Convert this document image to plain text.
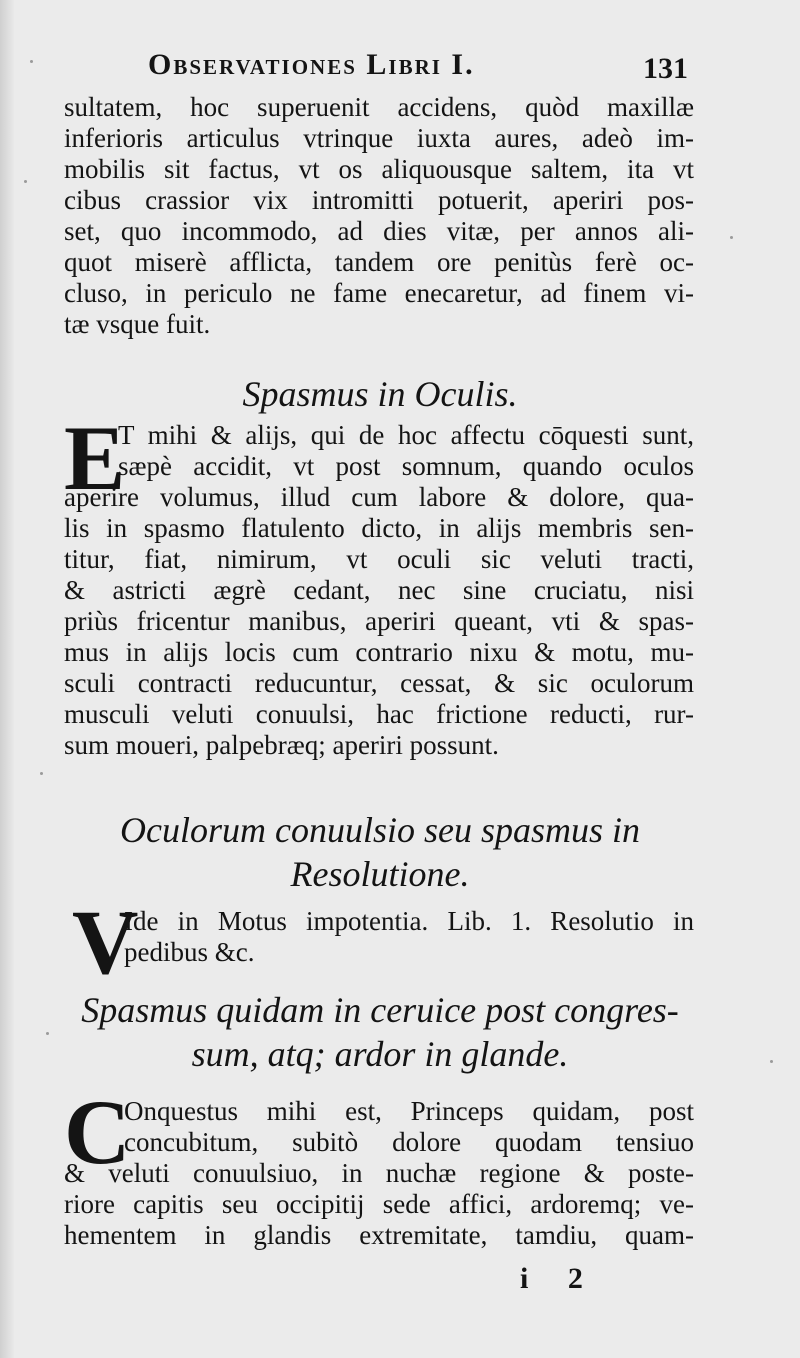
Observationes Libri I.	131
sultatem, hoc superuenit accidens, quòd maxillæ
inferioris articulus vtrinque iuxta aures, adeò im-
mobilis sit factus, vt os aliquousque saltem, ita vt
cibus crassior vix intromitti potuerit, aperiri pos-
set, quo incommodo, ad dies vitæ, per annos ali-
quot miserè afflicta, tandem ore penitùs ferè oc-
cluso, in periculo ne fame enecaretur, ad finem vi-
tæ vsque fuit.
Spasmus in Oculis.
E
T mihi & alijs, qui de hoc affectu cōquesti sunt,
sæpè accidit, vt post somnum, quando oculos
aperire volumus, illud cum labore & dolore, qua-
lis in spasmo flatulento dicto, in alijs membris sen-
titur, fiat, nimirum, vt oculi sic veluti tracti,
& astricti ægrè cedant, nec sine cruciatu, nisi
priùs fricentur manibus, aperiri queant, vti & spas-
mus in alijs locis cum contrario nixu & motu, mu-
sculi contracti reducuntur, cessat, & sic oculorum
musculi veluti conuulsi, hac frictione reducti, rur-
sum moueri, palpebræq; aperiri possunt.
Oculorum conuulsio seu spasmus in
Resolutione.
V
Ide in Motus impotentia. Lib. 1. Resolutio in
pedibus &c.
Spasmus quidam in ceruice post congres-
sum, atq; ardor in glande.
C
Onquestus mihi est, Princeps quidam, post
concubitum, subitò dolore quodam tensiuo
& veluti conuulsiuo, in nuchæ regione & poste-
riore capitis seu occipitij sede affici, ardoremq; ve-
hementem in glandis extremitate, tamdiu, quam-
i 2
